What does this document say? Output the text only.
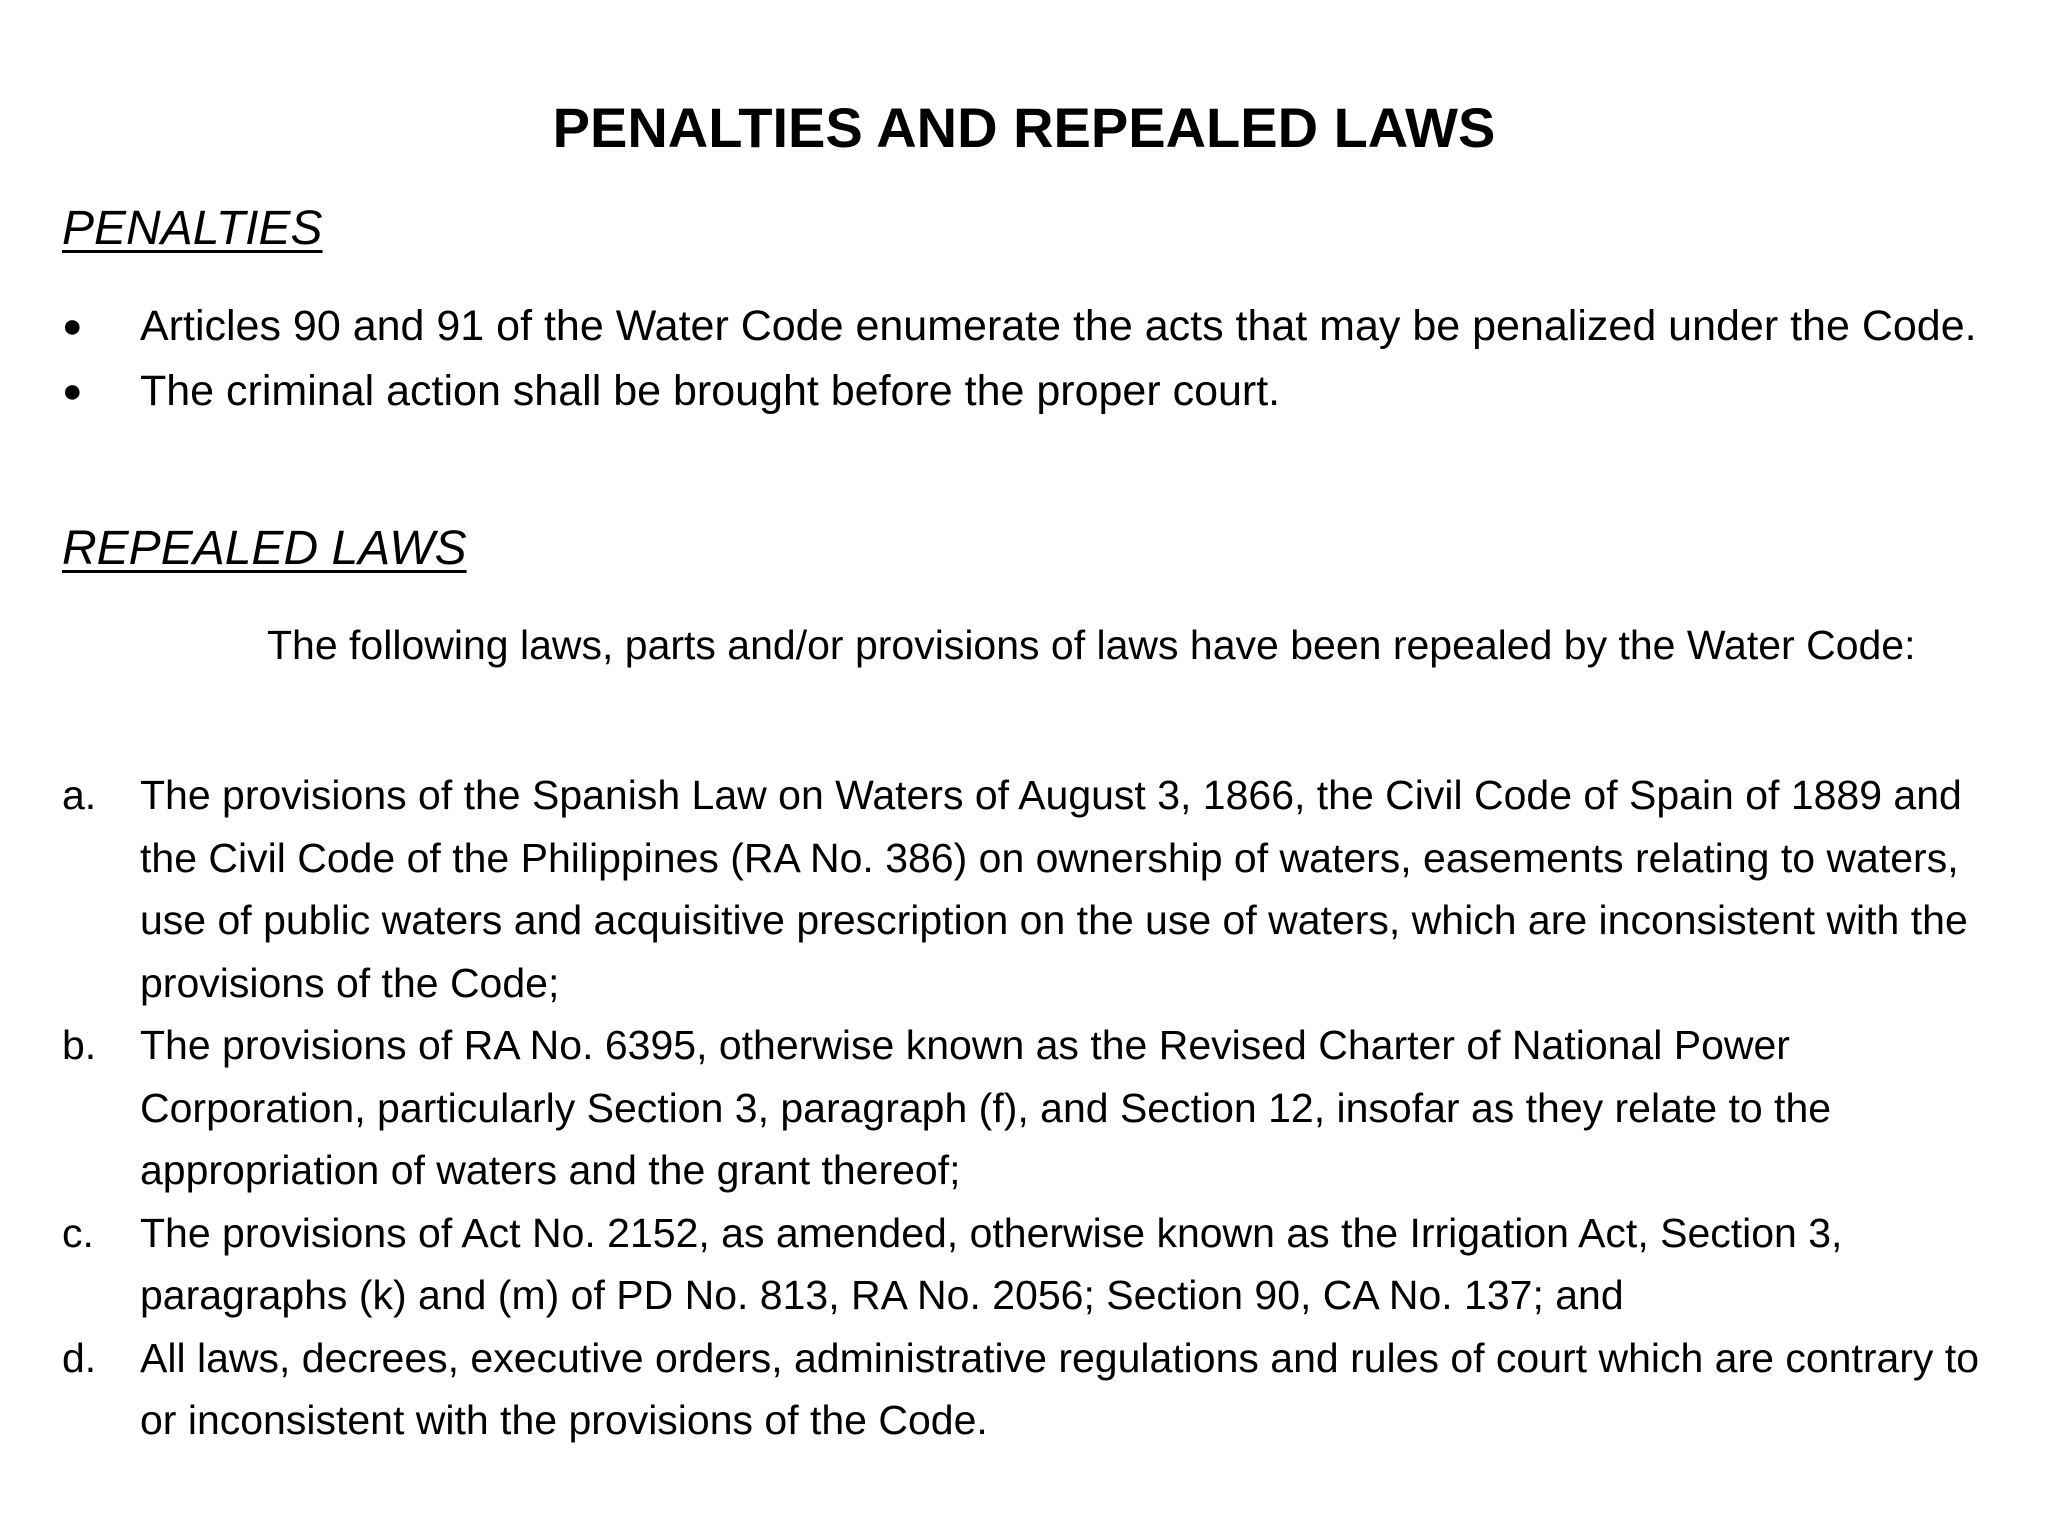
PENALTIES AND REPEALED LAWS
PENALTIES
●	Articles 90 and 91 of the Water Code enumerate the acts that may be penalized under the Code.
●	The criminal action shall be brought before the proper court.
REPEALED LAWS
The following laws, parts and/or provisions of laws have been repealed by the Water Code:
a.	The provisions of the Spanish Law on Waters of August 3, 1866, the Civil Code of Spain of 1889 and the Civil Code of the Philippines (RA No. 386) on ownership of waters, easements relating to waters, use of public waters and acquisitive prescription on the use of waters, which are inconsistent with the provisions of the Code;
b.	The provisions of RA No. 6395, otherwise known as the Revised Charter of National Power Corporation, particularly Section 3, paragraph (f), and Section 12, insofar as they relate to the appropriation of waters and the grant thereof;
c.	The provisions of Act No. 2152, as amended, otherwise known as the Irrigation Act, Section 3, paragraphs (k) and (m) of PD No. 813, RA No. 2056; Section 90, CA No. 137; and
d.	All laws, decrees, executive orders, administrative regulations and rules of court which are contrary to or inconsistent with the provisions of the Code.
